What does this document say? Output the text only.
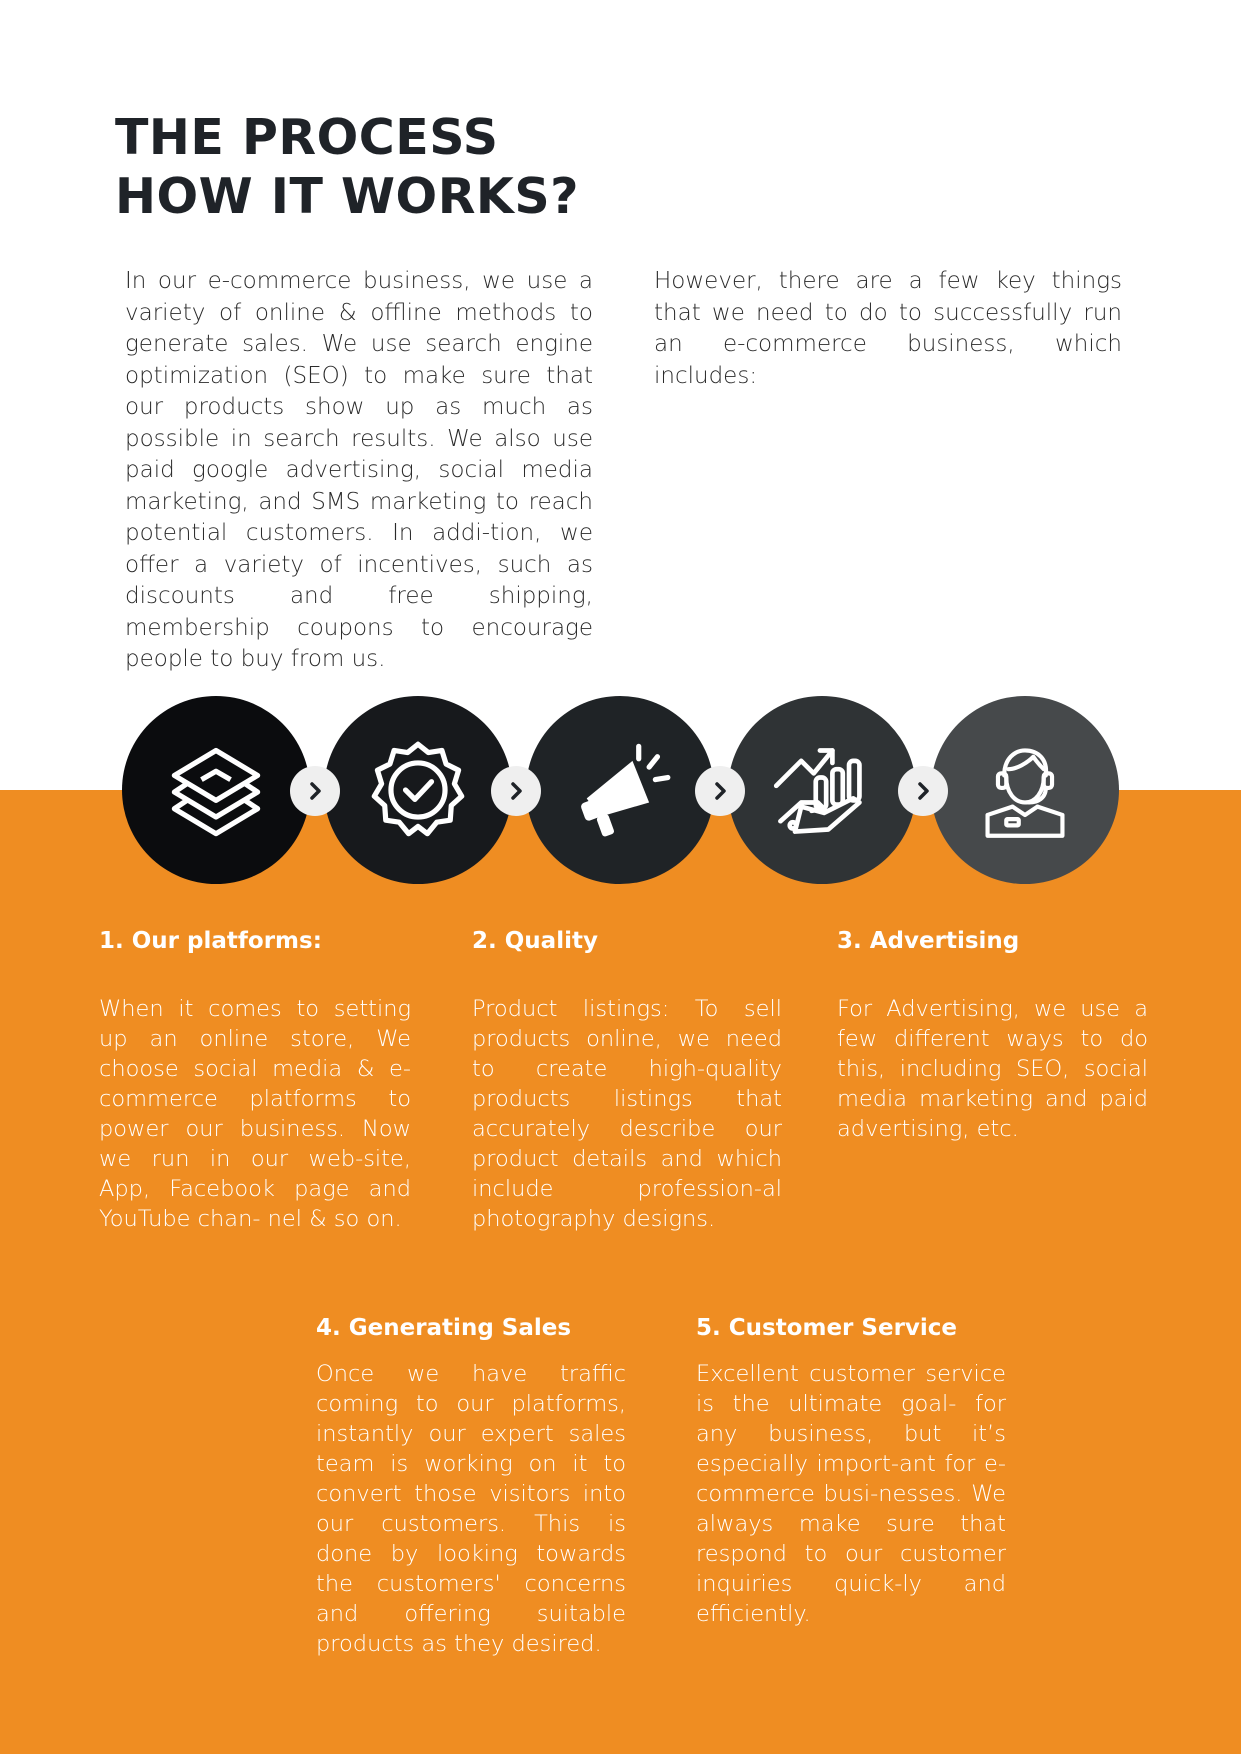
THE PROCESS
HOW IT WORKS?

In our e-commerce business, we use a variety of online & offline methods to generate sales. We use search engine optimization (SEO) to make sure that our products show up as much as possible in search results. We also use paid google advertising, social media marketing, and SMS marketing to reach potential customers. In addi-tion, we offer a variety of incentives, such as discounts and free shipping, membership coupons to encourage people to buy from us.

However, there are a few key things that we need to do to successfully run an e-commerce business, which includes:

1. Our platforms:

When it comes to setting up an online store, We choose social media & e-commerce platforms to power our business. Now we run in our web-site, App, Facebook page and YouTube chan- nel & so on.

2. Quality

Product listings: To sell products online, we need to create high-quality products listings that accurately describe our product details and which include profession-al photography designs.

3. Advertising

For Advertising, we use a few different ways to do this, including SEO, social media marketing and paid advertising, etc.

4. Generating Sales

Once we have traffic coming to our platforms, instantly our expert sales team is working on it to convert those visitors into our customers. This is done by looking towards the customers' concerns and offering suitable products as they desired.

5. Customer Service

Excellent customer service is the ultimate goal- for any business, but it’s especially import-ant for e-commerce busi-nesses. We always make sure that respond to our customer inquiries quick-ly and efficiently.
